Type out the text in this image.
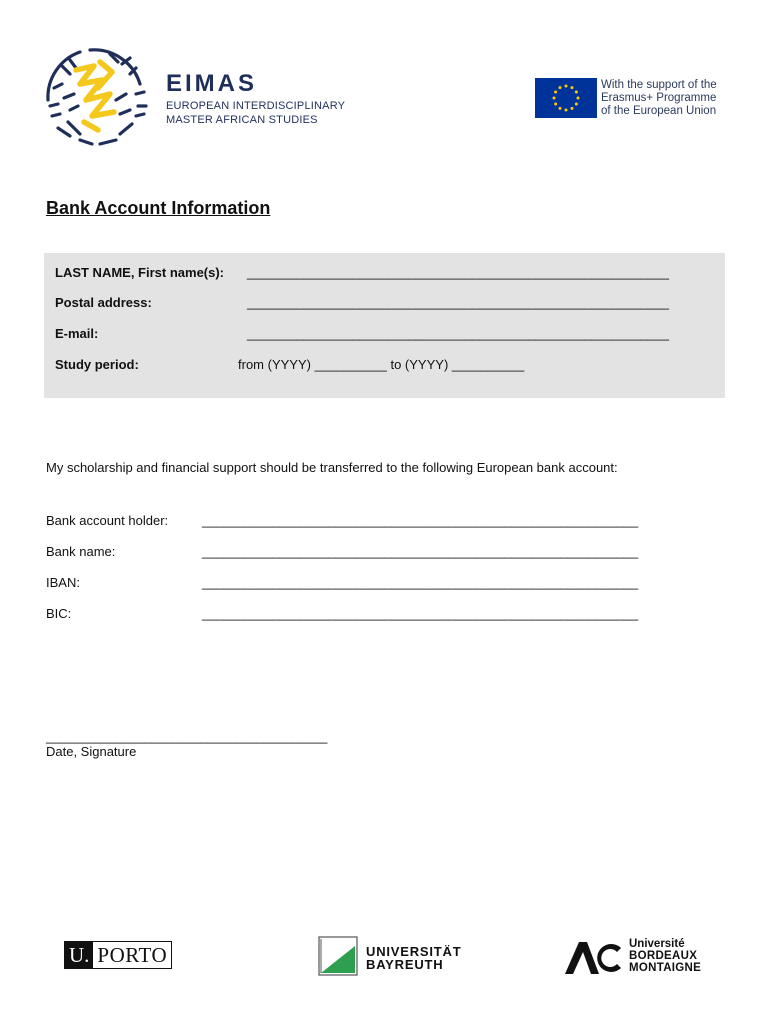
EIMAS
EUROPEAN INTERDISCIPLINARY
MASTER AFRICAN STUDIES
With the support of the
Erasmus+ Programme
of the European Union
Bank Account Information
LAST NAME, First name(s): ____________________________________________________________
Postal address:	____________________________________________________________
E-mail:	____________________________________________________________
Study period:	from (YYYY) __________ to (YYYY) __________
My scholarship and financial support should be transferred to the following European bank account:
Bank account holder:	______________________________________________________________
Bank name:	______________________________________________________________
IBAN:	______________________________________________________________
BIC:	______________________________________________________________
________________________________________
Date, Signature
U. PORTO	UNIVERSITÄT
BAYREUTH
Université
BORDEAUX
MONTAIGNE
